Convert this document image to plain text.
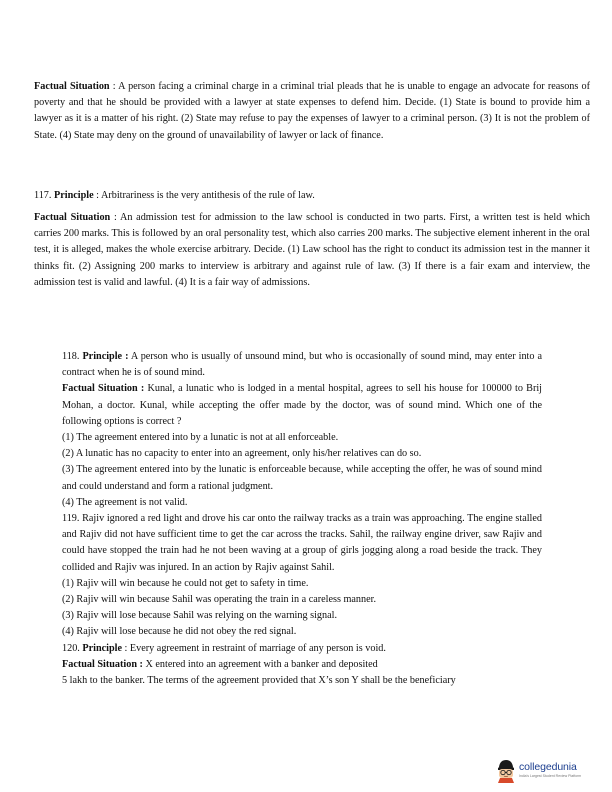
Factual Situation : A person facing a criminal charge in a criminal trial pleads that he is unable to engage an advocate for reasons of poverty and that he should be provided with a lawyer at state expenses to defend him. Decide. (1) State is bound to provide him a lawyer as it is a matter of his right. (2) State may refuse to pay the expenses of lawyer to a criminal person. (3) It is not the problem of State. (4) State may deny on the ground of unavailability of lawyer or lack of finance.

117. Principle : Arbitrariness is the very antithesis of the rule of law.

Factual Situation : An admission test for admission to the law school is conducted in two parts. First, a written test is held which carries 200 marks. This is followed by an oral personality test, which also carries 200 marks. The subjective element inherent in the oral test, it is alleged, makes the whole exercise arbitrary. Decide. (1) Law school has the right to conduct its admission test in the manner it thinks fit. (2) Assigning 200 marks to interview is arbitrary and against rule of law. (3) If there is a fair exam and interview, the admission test is valid and lawful. (4) It is a fair way of admissions.

118. Principle : A person who is usually of unsound mind, but who is occasionally of sound mind, may enter into a contract when he is of sound mind.

Factual Situation : Kunal, a lunatic who is lodged in a mental hospital, agrees to sell his house for 100000 to Brij Mohan, a doctor. Kunal, while accepting the offer made by the doctor, was of sound mind. Which one of the following options is correct ?

(1) The agreement entered into by a lunatic is not at all enforceable.

(2) A lunatic has no capacity to enter into an agreement, only his/her relatives can do so.

(3) The agreement entered into by the lunatic is enforceable because, while accepting the offer, he was of sound mind and could understand and form a rational judgment.

(4) The agreement is not valid.

119. Rajiv ignored a red light and drove his car onto the railway tracks as a train was approaching. The engine stalled and Rajiv did not have sufficient time to get the car across the tracks. Sahil, the railway engine driver, saw Rajiv and could have stopped the train had he not been waving at a group of girls jogging along a road beside the track. They collided and Rajiv was injured. In an action by Rajiv against Sahil.

(1) Rajiv will win because he could not get to safety in time.

(2) Rajiv will win because Sahil was operating the train in a careless manner.

(3) Rajiv will lose because Sahil was relying on the warning signal.

(4) Rajiv will lose because he did not obey the red signal.

120. Principle : Every agreement in restraint of marriage of any person is void.

Factual Situation : X entered into an agreement with a banker and deposited

5 lakh to the banker. The terms of the agreement provided that X’s son Y shall be the beneficiary

collegedunia
India's Largest Student Review Platform
